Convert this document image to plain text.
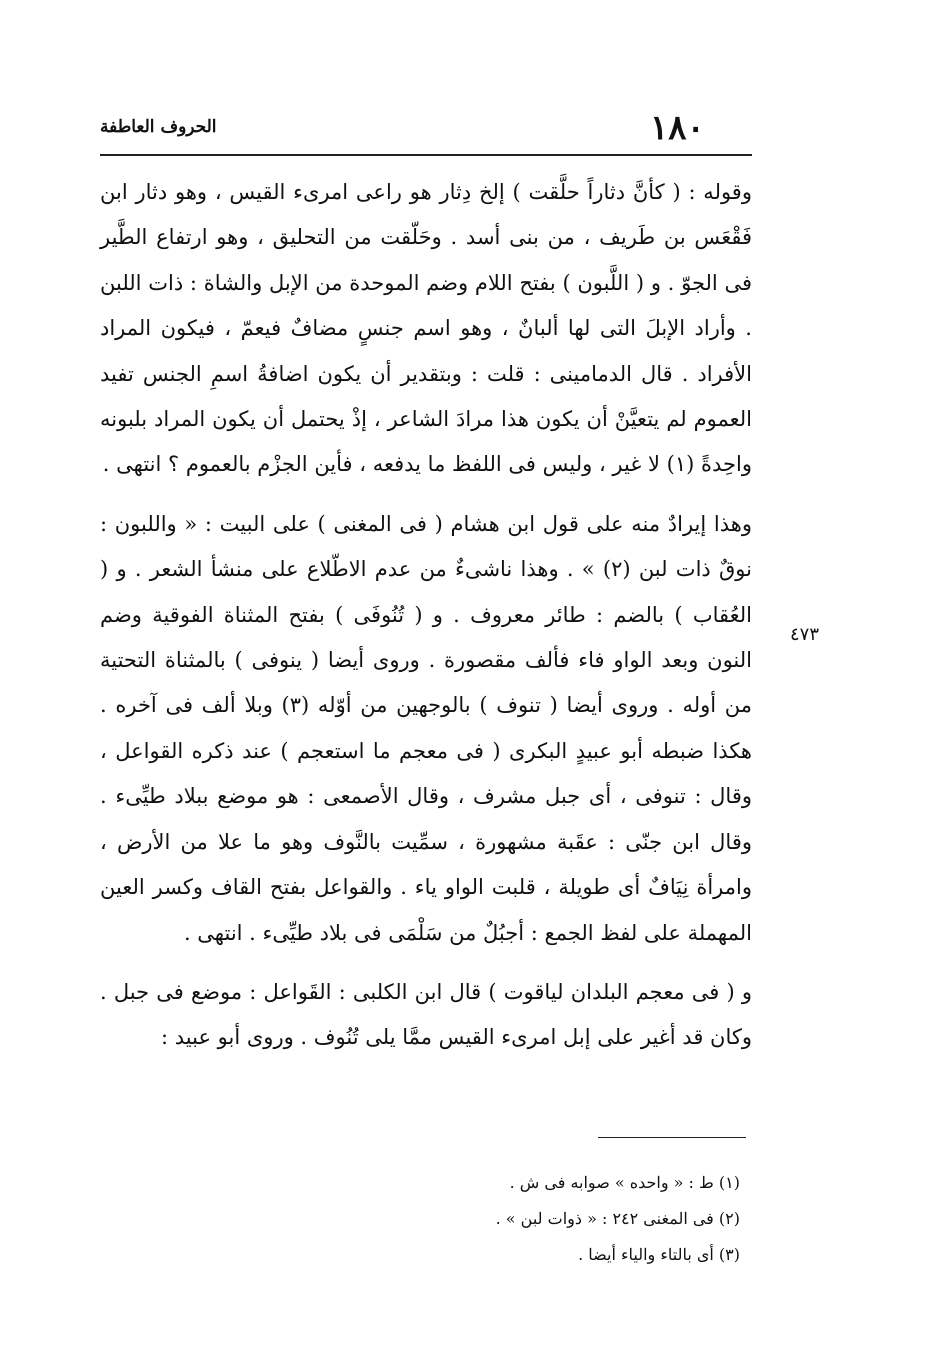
١٨٠
الحروف العاطفة

وقوله : ( كأنَّ دثاراً حلَّقت ) إلخ دِثار هو راعى امرىء القيس ، وهو دثار ابن فَقْعَس بن طَريف ، من بنى أسد . وحَلّقت من التحليق ، وهو ارتفاع الطَّير فى الجوّ . و ( اللَّبون ) بفتح اللام وضم الموحدة من الإبل والشاة : ذات اللبن . وأراد الإبلَ التى لها ألبانٌ ، وهو اسم جنسٍ مضافٌ فيعمّ ، فيكون المراد الأفراد . قال الدمامينى : قلت : وبتقدير أن يكون اضافةُ اسمِ الجنس تفيد العموم لم يتعيَّنْ أن يكون هذا مرادَ الشاعر ، إذْ يحتمل أن يكون المراد بلبونه واحِدةً (١) لا غير ، وليس فى اللفظ ما يدفعه ، فأين الجزْم بالعموم ؟ انتهى .

وهذا إيرادٌ منه على قول ابن هشام ( فى المغنى ) على البيت : « واللبون : نوقٌ ذات لبن (٢) » . وهذا ناشىءٌ من عدم الاطّلاع على منشأ الشعر . و ( العُقاب ) بالضم : طائر معروف . و ( تُنُوفَى ) بفتح المثناة الفوقية وضم النون وبعد الواو فاء فألف مقصورة . وروى أيضا ( ينوفى ) بالمثناة التحتية من أوله . وروى أيضا ( تنوف ) بالوجهين من أوّله (٣) وبلا ألف فى آخره . هكذا ضبطه أبو عبيدٍ البكرى ( فى معجم ما استعجم ) عند ذكره القواعل ، وقال : تنوفى ، أى جبل مشرف ، وقال الأصمعى : هو موضع ببلاد طيِّىء . وقال ابن جنّى : عقَبة مشهورة ، سمِّيت بالنَّوف وهو ما علا من الأرض ، وامرأة نِيَافٌ أى طويلة ، قلبت الواو ياء . والقواعل بفتح القاف وكسر العين المهملة على لفظ الجمع : أجبُلٌ من سَلْمَى فى بلاد طيِّىء . انتهى .

و ( فى معجم البلدان لياقوت ) قال ابن الكلبى : القَواعل : موضع فى جبل . وكان قد أغير على إبل امرىء القيس ممَّا يلى تُنُوف . وروى أبو عبيد :

٤٧٣
(١) ط : « واحده » صوابه فى ش .
(٢) فى المغنى ٢٤٢ : « ذوات لبن » .
(٣) أى بالتاء والياء أيضا .
